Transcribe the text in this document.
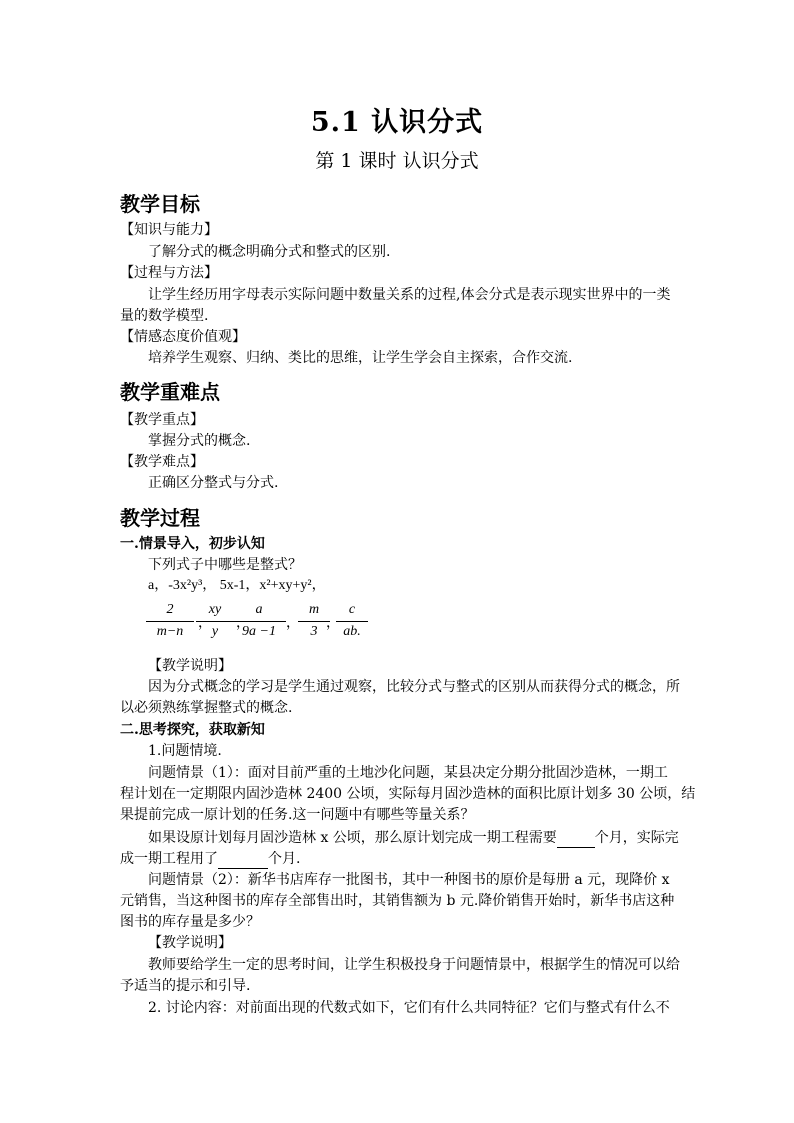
5.1 认识分式
第 1 课时 认识分式
教学目标
【知识与能力】
了解分式的概念明确分式和整式的区别.
【过程与方法】
让学生经历用字母表示实际问题中数量关系的过程,体会分式是表示现实世界中的一类
量的数学模型.
【情感态度价值观】
培养学生观察、归纳、类比的思维，让学生学会自主探索，合作交流.
教学重难点
【教学重点】
掌握分式的概念.
【教学难点】
正确区分整式与分式.
教学过程
一.情景导入，初步认知
下列式子中哪些是整式？
a，-3x²y³， 5x-1，x²+xy+y²，
2
m−n
，
xy
y
，
a
9a −1
，
m
3
，
c
ab.
【教学说明】
因为分式概念的学习是学生通过观察，比较分式与整式的区别从而获得分式的概念，所
以必须熟练掌握整式的概念.
二.思考探究，获取新知
1.问题情境.
问题情景（1）：面对目前严重的土地沙化问题，某县决定分期分批固沙造林，一期工
程计划在一定期限内固沙造林 2400 公顷，实际每月固沙造林的面积比原计划多 30 公顷，结
果提前完成一原计划的任务.这一问题中有哪些等量关系？
如果设原计划每月固沙造林 x 公顷，那么原计划完成一期工程需要	个月，实际完
成一期工程用了	个月.
问题情景（2）：新华书店库存一批图书，其中一种图书的原价是每册 a 元，现降价 x
元销售，当这种图书的库存全部售出时，其销售额为 b 元.降价销售开始时，新华书店这种
图书的库存量是多少？
【教学说明】
教师要给学生一定的思考时间，让学生积极投身于问题情景中，根据学生的情况可以给
予适当的提示和引导.
2. 讨论内容：对前面出现的代数式如下，它们有什么共同特征？它们与整式有什么不
